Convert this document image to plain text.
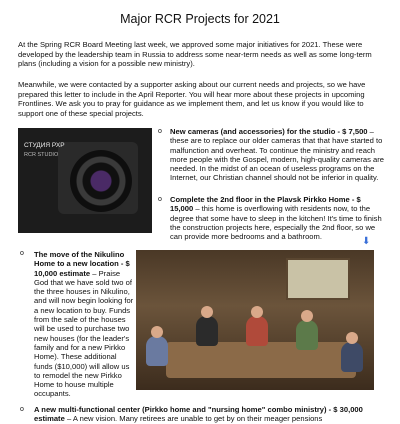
Major RCR Projects for 2021

At the Spring RCR Board Meeting last week, we approved some major initiatives for 2021. These were developed by the leadership team in Russia to address some near-term needs as well as some long-term plans (including a vision for a possible new ministry).

Meanwhile, we were contacted by a supporter asking about our current needs and projects, so we have prepared this letter to include in the April Reporter. You will hear more about these projects in upcoming Frontlines. We ask you to pray for guidance as we implement them, and let us know if you would like to support one of these special projects.

СТУДИЯ РХР
RCR STUDIO
o New cameras (and accessories) for the studio - $ 7,500 – these are to replace our older cameras that that have started to malfunction and overheat. To continue the ministry and reach more people with the Gospel, modern, high-quality cameras are needed. In the midst of an ocean of useless programs on the Internet, our Christian channel should not be inferior in quality.

o Complete the 2nd floor in the Plavsk Pirkko Home - $ 15,000 – this home is overflowing with residents now, to the degree that some have to sleep in the kitchen! It's time to finish the construction projects here, especially the 2nd floor, so we can provide more bedrooms and a bathroom.	⬇
o The move of the Nikulino Home to a new location - $ 10,000 estimate – Praise God that we have sold two of the three houses in Nikulino, and will now begin looking for a new location to buy. Funds from the sale of the houses will be used to purchase two new houses (for the leader's family and for a new Pirkko Home). These additional funds ($10,000) will allow us to remodel the new Pirkko Home to house multiple occupants.

o A new multi-functional center (Pirkko home and "nursing home" combo ministry) - $ 30,000 estimate – A new vision. Many retirees are unable to get by on their meager pensions
